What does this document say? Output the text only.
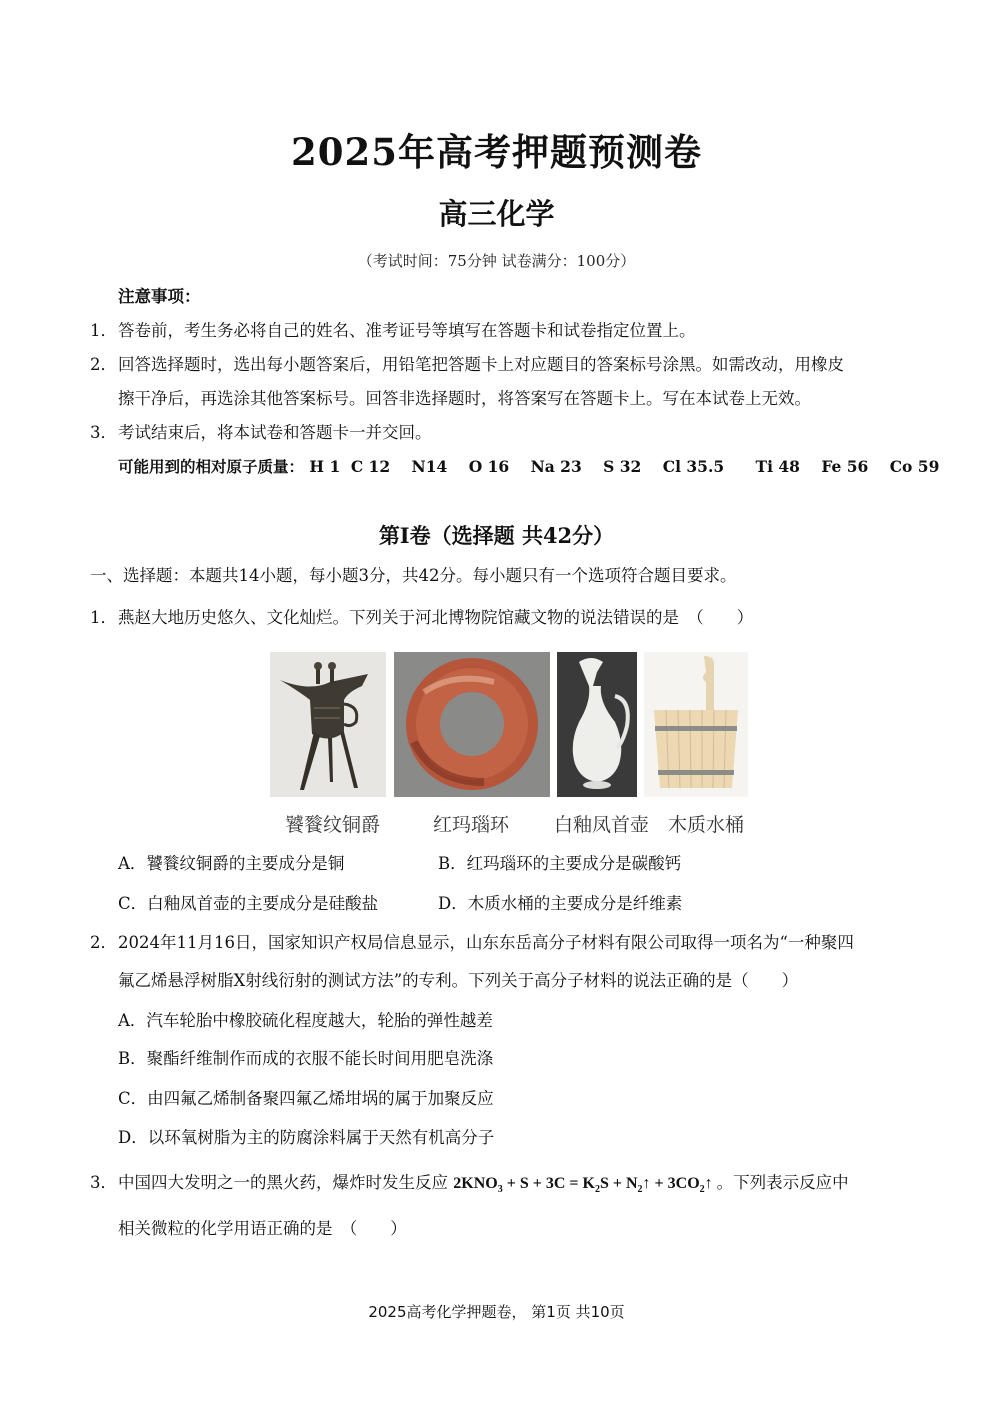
2025年高考押题预测卷
高三化学
（考试时间：75分钟 试卷满分：100分）
注意事项：
1．答卷前，考生务必将自己的姓名、准考证号等填写在答题卡和试卷指定位置上。
2．回答选择题时，选出每小题答案后，用铅笔把答题卡上对应题目的答案标号涂黑。如需改动，用橡皮
擦干净后，再选涂其他答案标号。回答非选择题时，将答案写在答题卡上。写在本试卷上无效。
3．考试结束后，将本试卷和答题卡一并交回。
可能用到的相对原子质量： H 1 C 12 N14 O 16 Na 23 S 32 Cl 35.5 Ti 48 Fe 56 Co 59
第Ⅰ卷（选择题 共42分）
一、选择题：本题共14小题，每小题3分，共42分。每小题只有一个选项符合题目要求。
1．燕赵大地历史悠久、文化灿烂。下列关于河北博物院馆藏文物的说法错误的是　（　　）
饕餮纹铜爵	红玛瑙环 白釉凤首壶 木质水桶
A．饕餮纹铜爵的主要成分是铜	B．红玛瑙环的主要成分是碳酸钙
C．白釉凤首壶的主要成分是硅酸盐	D．木质水桶的主要成分是纤维素
2．2024年11月16日，国家知识产权局信息显示，山东东岳高分子材料有限公司取得一项名为“一种聚四
氟乙烯悬浮树脂X射线衍射的测试方法”的专利。下列关于高分子材料的说法正确的是（　　）
A．汽车轮胎中橡胶硫化程度越大，轮胎的弹性越差
B．聚酯纤维制作而成的衣服不能长时间用肥皂洗涤
C．由四氟乙烯制备聚四氟乙烯坩埚的属于加聚反应
D．以环氧树脂为主的防腐涂料属于天然有机高分子
3．中国四大发明之一的黑火药，爆炸时发生反应 $2KNO_3 + S + 3C = K_2S$ + $N_2↑$ + $3CO_2↑$ 。下列表示反应中
相关微粒的化学用语正确的是　（　　）
2025高考化学押题卷， 第1页 共10页
